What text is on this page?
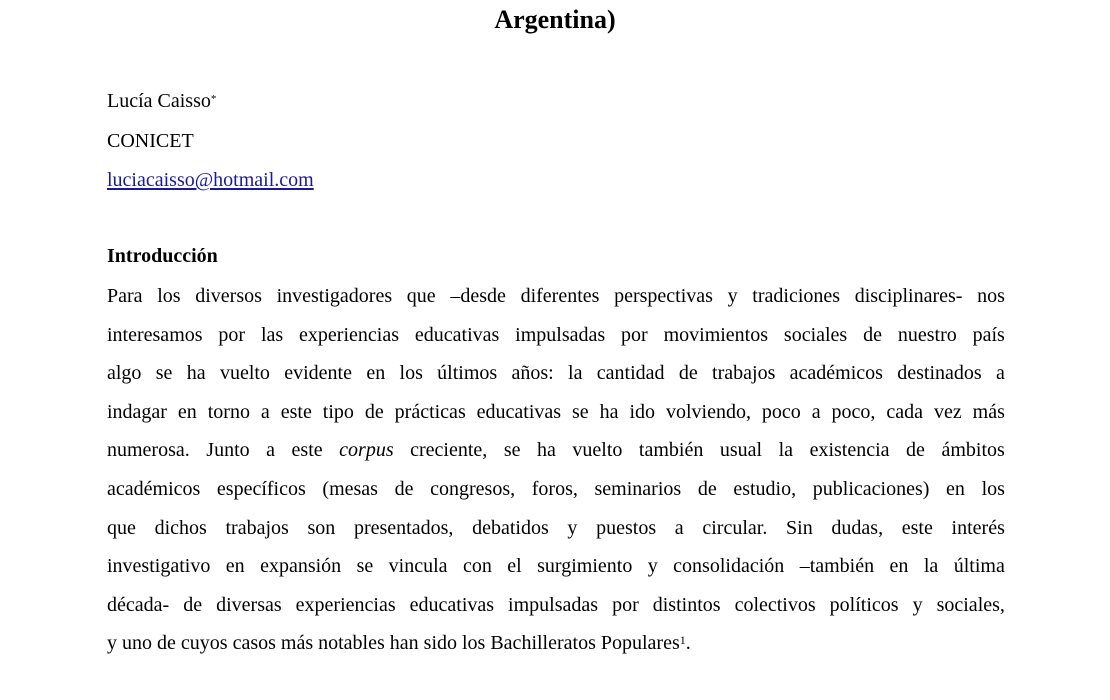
Argentina)
Lucía Caisso*
CONICET
luciacaisso@hotmail.com
Introducción
Para los diversos investigadores que –desde diferentes perspectivas y tradiciones disciplinares- nos
interesamos por las experiencias educativas impulsadas por movimientos sociales de nuestro país
algo se ha vuelto evidente en los últimos años: la cantidad de trabajos académicos destinados a
indagar en torno a este tipo de prácticas educativas se ha ido volviendo, poco a poco, cada vez más
numerosa. Junto a este corpus creciente, se ha vuelto también usual la existencia de ámbitos
académicos específicos (mesas de congresos, foros, seminarios de estudio, publicaciones) en los
que dichos trabajos son presentados, debatidos y puestos a circular. Sin dudas, este interés
investigativo en expansión se vincula con el surgimiento y consolidación –también en la última
década- de diversas experiencias educativas impulsadas por distintos colectivos políticos y sociales,
y uno de cuyos casos más notables han sido los Bachilleratos Populares$^1$.
